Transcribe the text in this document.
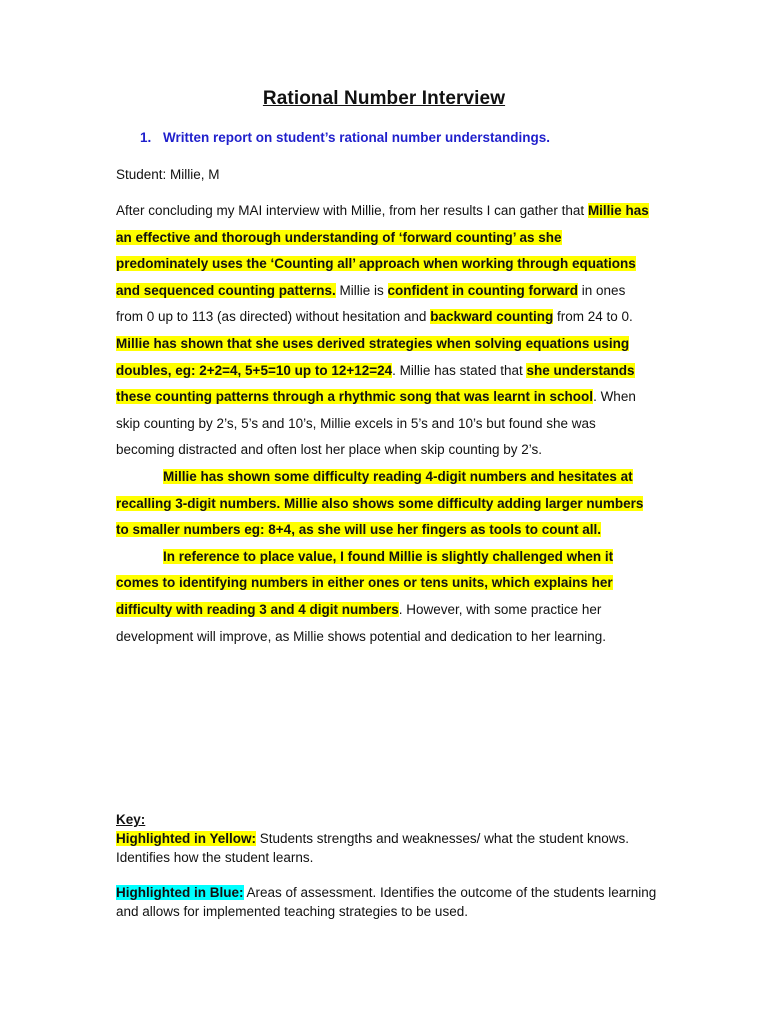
Rational Number Interview
1. Written report on student’s rational number understandings.
Student: Millie, M

After concluding my MAI interview with Millie, from her results I can gather that Millie has an effective and thorough understanding of ‘forward counting’ as she predominately uses the ‘Counting all’ approach when working through equations and sequenced counting patterns. Millie is confident in counting forward in ones from 0 up to 113 (as directed) without hesitation and backward counting from 24 to 0. Millie has shown that she uses derived strategies when solving equations using doubles, eg: 2+2=4, 5+5=10 up to 12+12=24. Millie has stated that she understands these counting patterns through a rhythmic song that was learnt in school. When skip counting by 2’s, 5’s and 10’s, Millie excels in 5’s and 10’s but found she was becoming distracted and often lost her place when skip counting by 2’s.

Millie has shown some difficulty reading 4-digit numbers and hesitates at recalling 3-digit numbers. Millie also shows some difficulty adding larger numbers to smaller numbers eg: 8+4, as she will use her fingers as tools to count all.

In reference to place value, I found Millie is slightly challenged when it comes to identifying numbers in either ones or tens units, which explains her difficulty with reading 3 and 4 digit numbers. However, with some practice her development will improve, as Millie shows potential and dedication to her learning.

Key:
Highlighted in Yellow: Students strengths and weaknesses/ what the student knows. Identifies how the student learns.
Highlighted in Blue: Areas of assessment. Identifies the outcome of the students learning and allows for implemented teaching strategies to be used.
